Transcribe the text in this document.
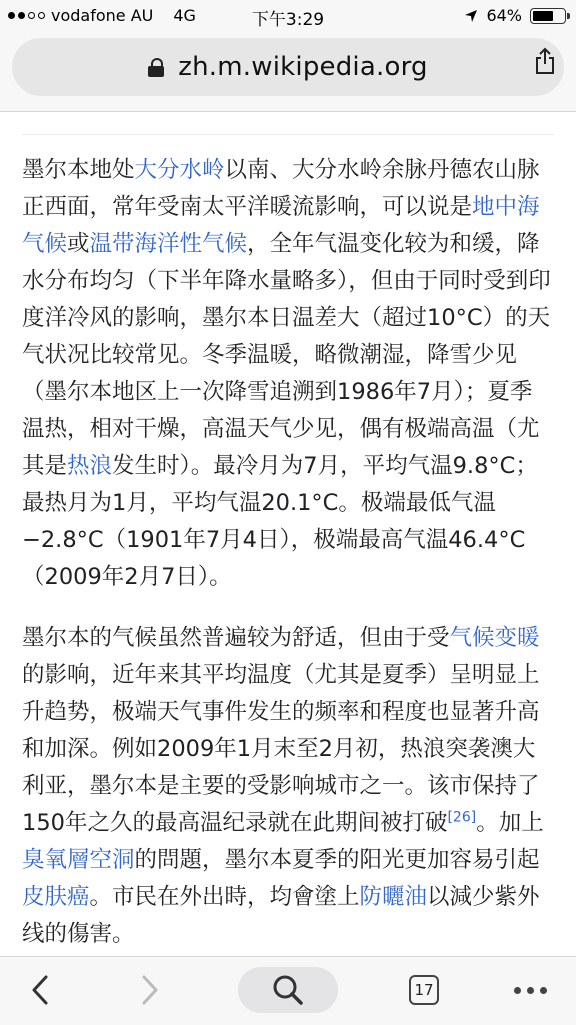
vodafone AU 4G	下午3:29	64%
zh.m.wikipedia.org

墨尔本地处大分水岭以南、大分水岭余脉丹德农山脉正西面，常年受南太平洋暖流影响，可以说是地中海气候或温带海洋性气候，全年气温变化较为和缓，降水分布均匀（下半年降水量略多），但由于同时受到印度洋冷风的影响，墨尔本日温差大（超过10°C）的天气状况比较常见。冬季温暖，略微潮湿，降雪少见（墨尔本地区上一次降雪追溯到1986年7月）；夏季温热，相对干燥，高温天气少见，偶有极端高温（尤其是热浪发生时）。最冷月为7月，平均气温9.8°C；最热月为1月，平均气温20.1°C。极端最低气温−2.8°C（1901年7月4日），极端最高气温46.4°C（2009年2月7日）。

墨尔本的气候虽然普遍较为舒适，但由于受气候变暖的影响，近年来其平均温度（尤其是夏季）呈明显上升趋势，极端天气事件发生的频率和程度也显著升高和加深。例如2009年1月末至2月初，热浪突袭澳大利亚，墨尔本是主要的受影响城市之一。该市保持了150年之久的最高温纪录就在此期间被打破[26]。加上臭氧層空洞的問題，墨尔本夏季的阳光更加容易引起皮肤癌。市民在外出時，均會塗上防曬油以減少紫外线的傷害。

17
